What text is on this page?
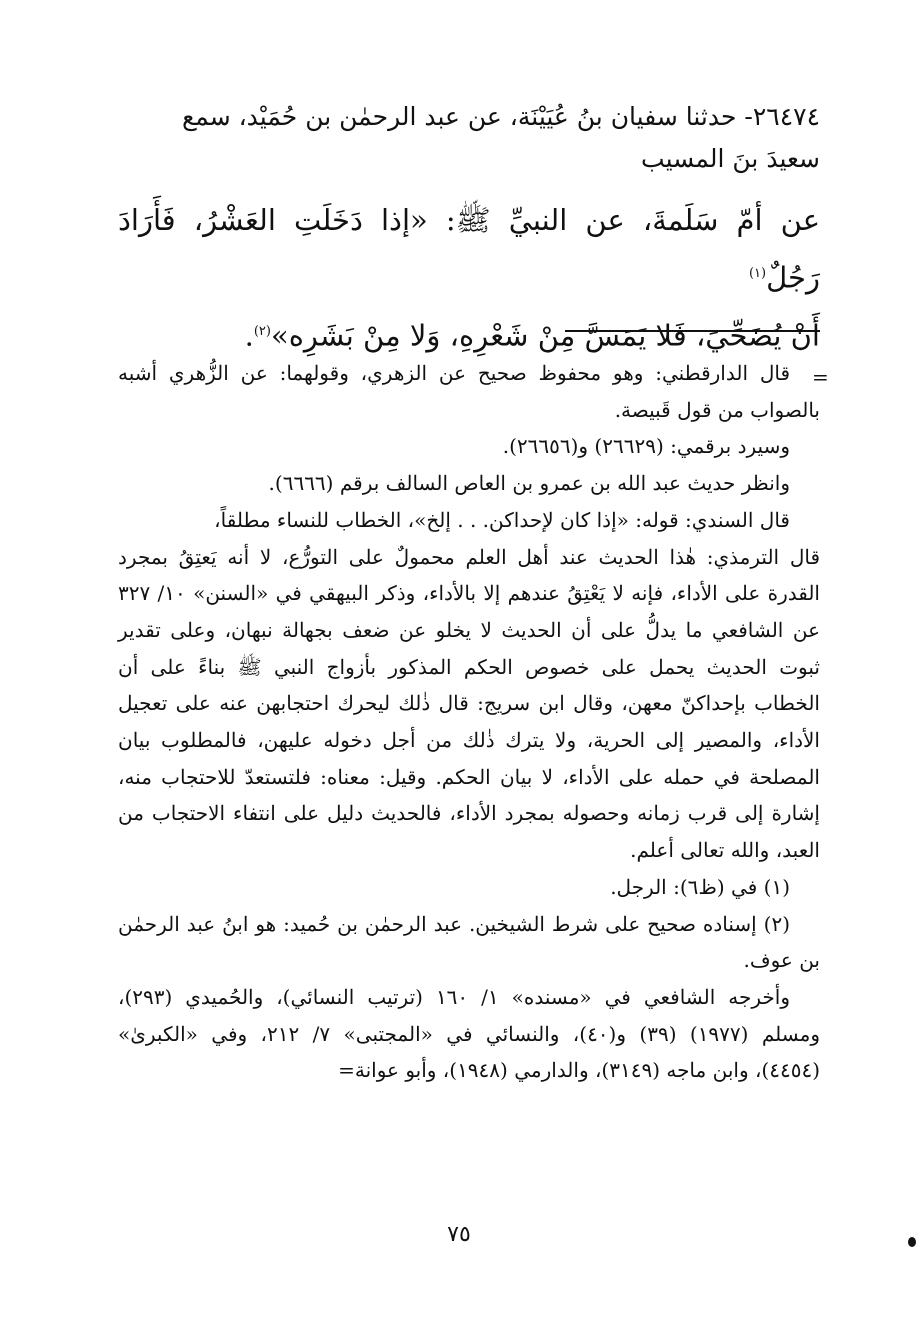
٢٦٤٧٤- حدثنا سفيان بنُ عُيَيْنَة، عن عبد الرحمٰن بن حُمَيْد، سمع

سعيدَ بنَ المسيب

عن أمّ سَلَمةَ، عن النبيِّ ﷺ: «إذا دَخَلَتِ العَشْرُ، فَأَرَادَ رَجُلٌ$^{(١)}$

أَنْ يُضَحِّيَ، فَلا يَمَسَّ مِنْ شَعْرِهِ، وَلا مِنْ بَشَرِه»$^{(٢)}$.

=

قال الدارقطني: وهو محفوظ صحيح عن الزهري، وقولهما: عن الزُّهري أشبه بالصواب من قول قَبيصة.

وسيرد برقمي: (٢٦٦٢٩) و(٢٦٦٥٦).

وانظر حديث عبد الله بن عمرو بن العاص السالف برقم (٦٦٦٦).

قال السندي: قوله: «إذا كان لإحداكن. . . إلخ»، الخطاب للنساء مطلقاً،

قال الترمذي: هٰذا الحديث عند أهل العلم محمولٌ على التورُّع، لا أنه يَعتِقُ بمجرد القدرة على الأداء، فإنه لا يَعْتِقُ عندهم إلا بالأداء، وذكر البيهقي في «السنن» ١٠/ ٣٢٧ عن الشافعي ما يدلُّ على أن الحديث لا يخلو عن ضعف بجهالة نبهان، وعلى تقدير ثبوت الحديث يحمل على خصوص الحكم المذكور بأزواج النبي ﷺ بناءً على أن الخطاب بإحداكنّ معهن، وقال ابن سريج: قال ذٰلك ليحرك احتجابهن عنه على تعجيل الأداء، والمصير إلى الحرية، ولا يترك ذٰلك من أجل دخوله عليهن، فالمطلوب بيان المصلحة في حمله على الأداء، لا بيان الحكم. وقيل: معناه: فلتستعدّ للاحتجاب منه، إشارة إلى قرب زمانه وحصوله بمجرد الأداء، فالحديث دليل على انتفاء الاحتجاب من العبد، والله تعالى أعلم.

(١) في (ظ٦): الرجل.

(٢) إسناده صحيح على شرط الشيخين. عبد الرحمٰن بن حُميد: هو ابنُ عبد الرحمٰن بن عوف.

وأخرجه الشافعي في «مسنده» ١/ ١٦٠ (ترتيب النسائي)، والحُميدي (٢٩٣)، ومسلم (١٩٧٧) (٣٩) و(٤٠)، والنسائي في «المجتبى» ٧/ ٢١٢، وفي «الكبرىٰ» (٤٤٥٤)، وابن ماجه (٣١٤٩)، والدارمي (١٩٤٨)، وأبو عوانة=

٧٥
